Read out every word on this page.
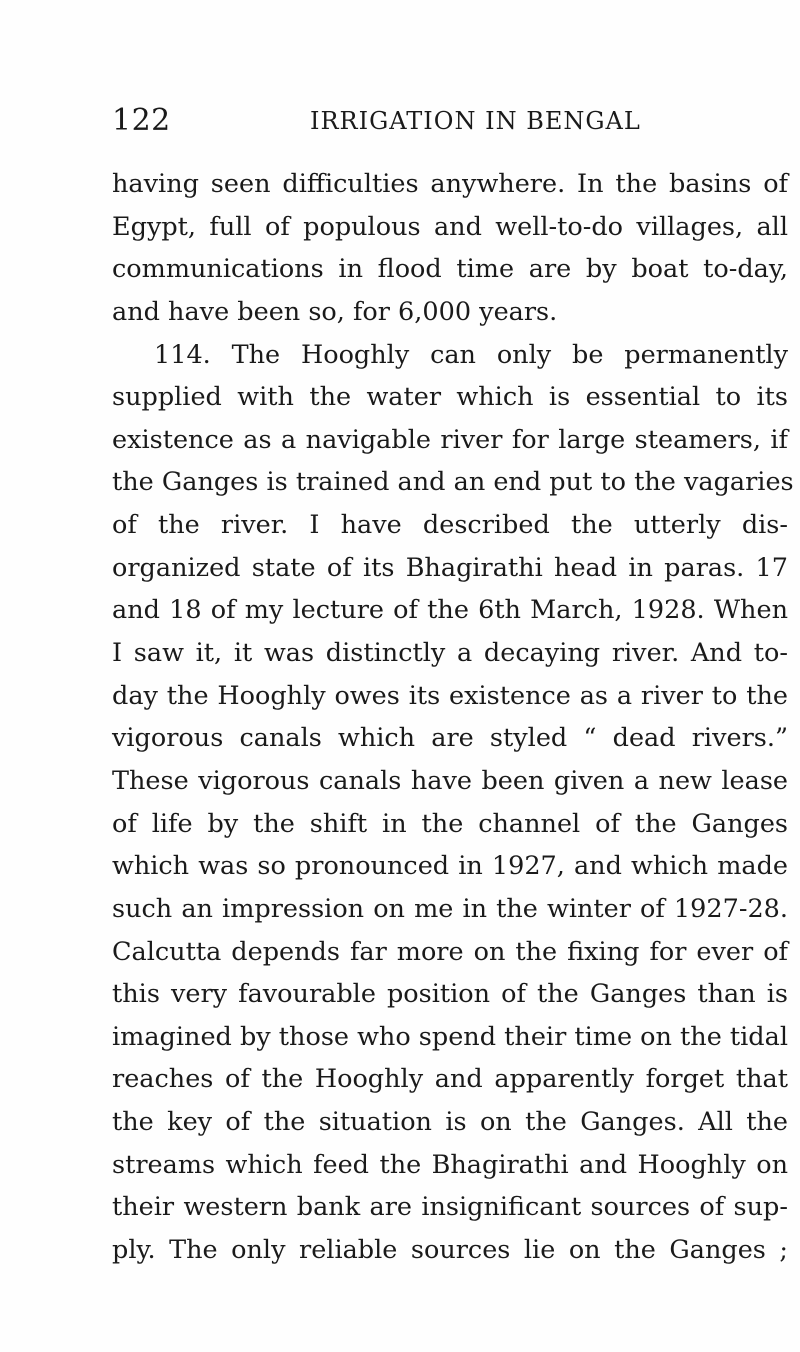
122	IRRIGATION IN BENGAL
having seen difficulties anywhere. In the basins of
Egypt, full of populous and well-to-do villages, all
communications in flood time are by boat to-day,
and have been so, for 6,000 years.
114. The Hooghly can only be permanently
supplied with the water which is essential to its
existence as a navigable river for large steamers, if
the Ganges is trained and an end put to the vagaries
of the river. I have described the utterly dis-
organized state of its Bhagirathi head in paras. 17
and 18 of my lecture of the 6th March, 1928. When
I saw it, it was distinctly a decaying river. And to-
day the Hooghly owes its existence as a river to the
vigorous canals which are styled “ dead rivers.”
These vigorous canals have been given a new lease
of life by the shift in the channel of the Ganges
which was so pronounced in 1927, and which made
such an impression on me in the winter of 1927-28.
Calcutta depends far more on the fixing for ever of
this very favourable position of the Ganges than is
imagined by those who spend their time on the tidal
reaches of the Hooghly and apparently forget that
the key of the situation is on the Ganges. All the
streams which feed the Bhagirathi and Hooghly on
their western bank are insignificant sources of sup-
ply. The only reliable sources lie on the Ganges ;
